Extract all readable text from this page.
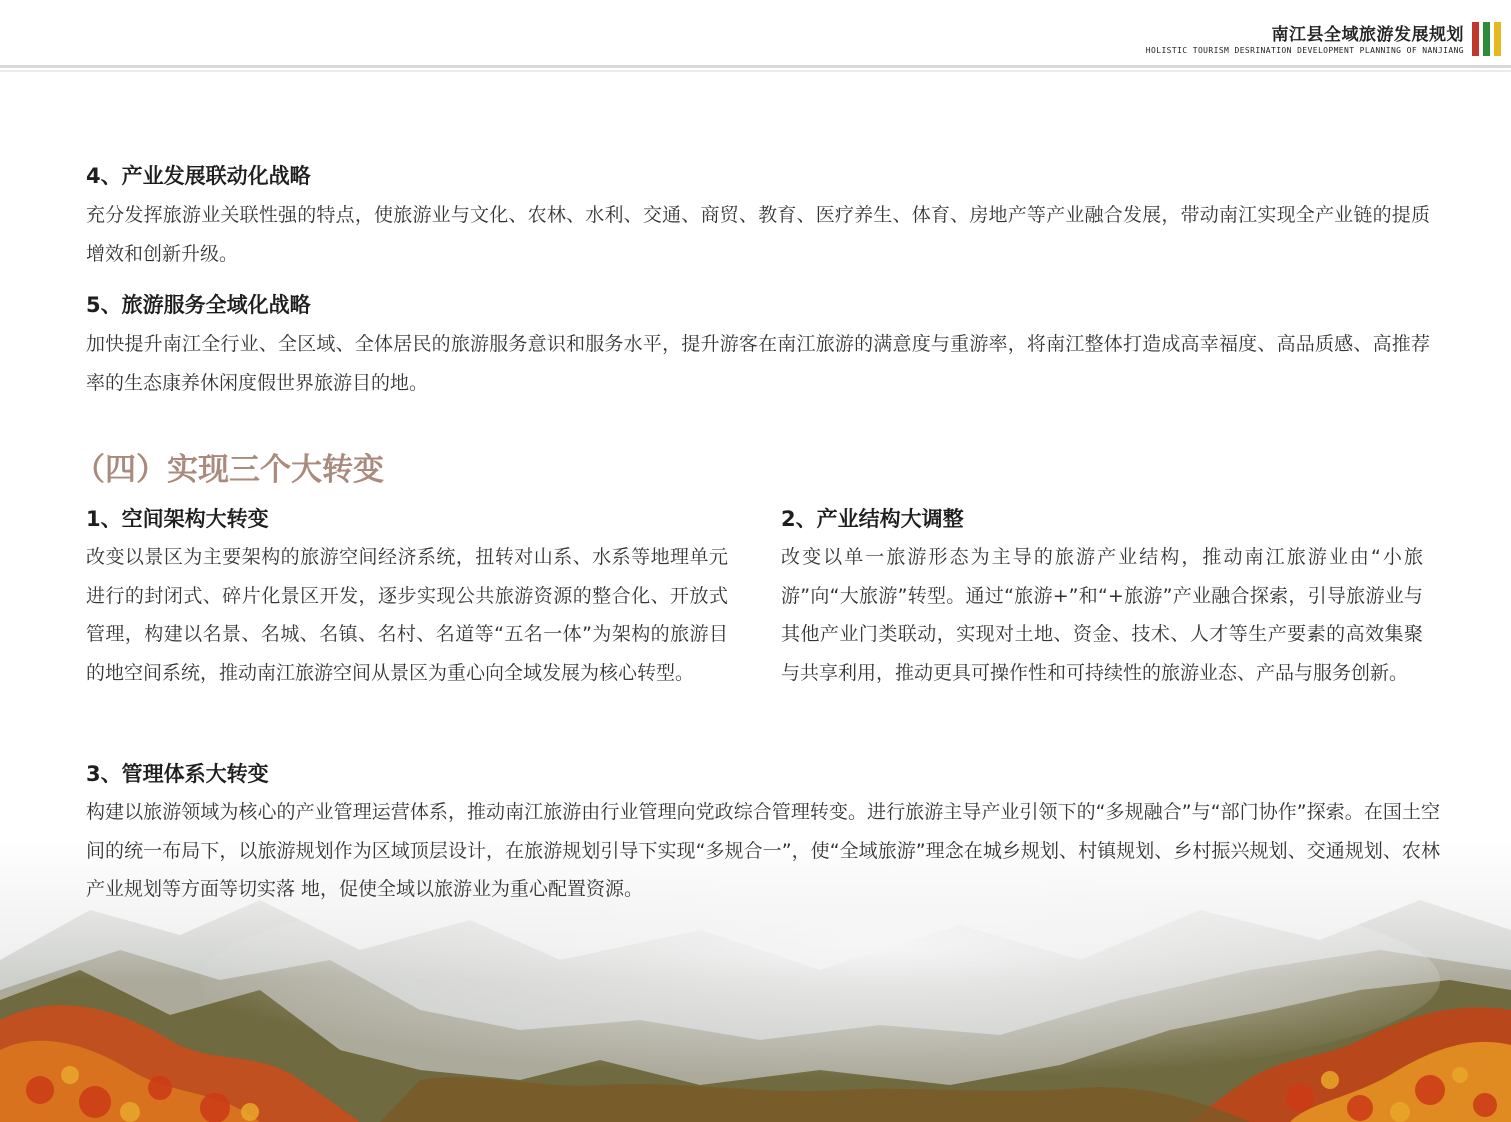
南江县全域旅游发展规划
HOLISTIC TOURISM DESRINATION DEVELOPMENT PLANNING OF NANJIANG
4、产业发展联动化战略

充分发挥旅游业关联性强的特点，使旅游业与文化、农林、水利、交通、商贸、教育、医疗养生、体育、房地产等产业融合发展，带动南江实现全产业链的提质增效和创新升级。

5、旅游服务全域化战略

加快提升南江全行业、全区域、全体居民的旅游服务意识和服务水平，提升游客在南江旅游的满意度与重游率，将南江整体打造成高幸福度、高品质感、高推荐率的生态康养休闲度假世界旅游目的地。

（四）实现三个大转变
1、空间架构大转变

改变以景区为主要架构的旅游空间经济系统，扭转对山系、水系等地理单元进行的封闭式、碎片化景区开发，逐步实现公共旅游资源的整合化、开放式管理，构建以名景、名城、名镇、名村、名道等“五名一体”为架构的旅游目的地空间系统，推动南江旅游空间从景区为重心向全域发展为核心转型。

2、产业结构大调整

改变以单一旅游形态为主导的旅游产业结构，推动南江旅游业由“小旅游”向“大旅游”转型。通过“旅游+”和“+旅游”产业融合探索，引导旅游业与其他产业门类联动，实现对土地、资金、技术、人才等生产要素的高效集聚与共享利用，推动更具可操作性和可持续性的旅游业态、产品与服务创新。

3、管理体系大转变

构建以旅游领域为核心的产业管理运营体系，推动南江旅游由行业管理向党政综合管理转变。进行旅游主导产业引领下的“多规融合”与“部门协作”探索。在国土空间的统一布局下，以旅游规划作为区域顶层设计，在旅游规划引导下实现“多规合一”，使“全域旅游”理念在城乡规划、村镇规划、乡村振兴规划、交通规划、农林产业规划等方面等切实落 地，促使全域以旅游业为重心配置资源。
